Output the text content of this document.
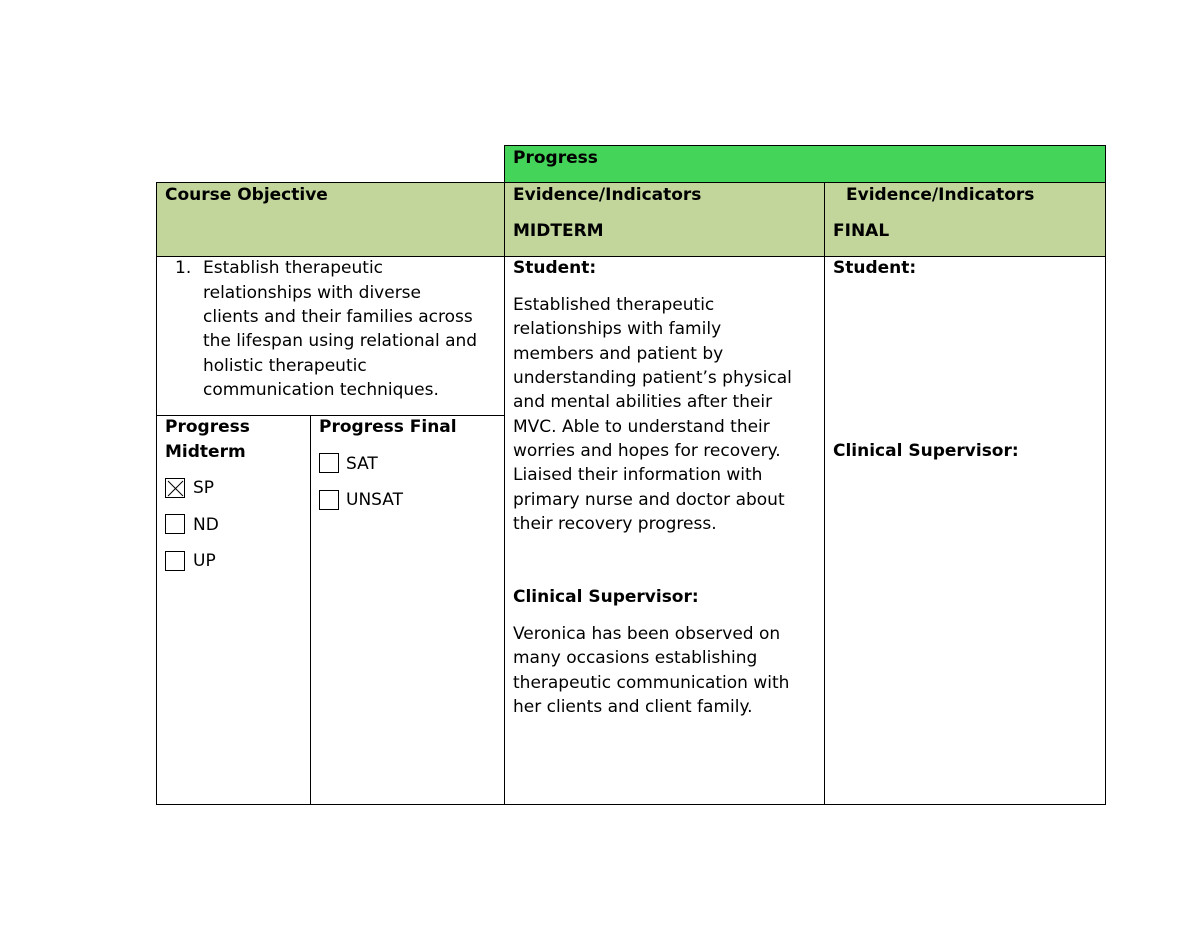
Progress
Course Objective	Evidence/Indicators
MIDTERM
Evidence/Indicators
FINAL
1. Establish therapeutic
relationships with diverse
clients and their families across
the lifespan using relational and
holistic therapeutic
communication techniques.
Progress
Midterm
SP
ND
UP
Progress Final
SAT
UNSAT
Student:
Established therapeutic
relationships with family
members and patient by
understanding patient’s physical
and mental abilities after their
MVC. Able to understand their
worries and hopes for recovery.
Liaised their information with
primary nurse and doctor about
their recovery progress.
Clinical Supervisor:
Veronica has been observed on
many occasions establishing
therapeutic communication with
her clients and client family.
Student:
Clinical Supervisor:
